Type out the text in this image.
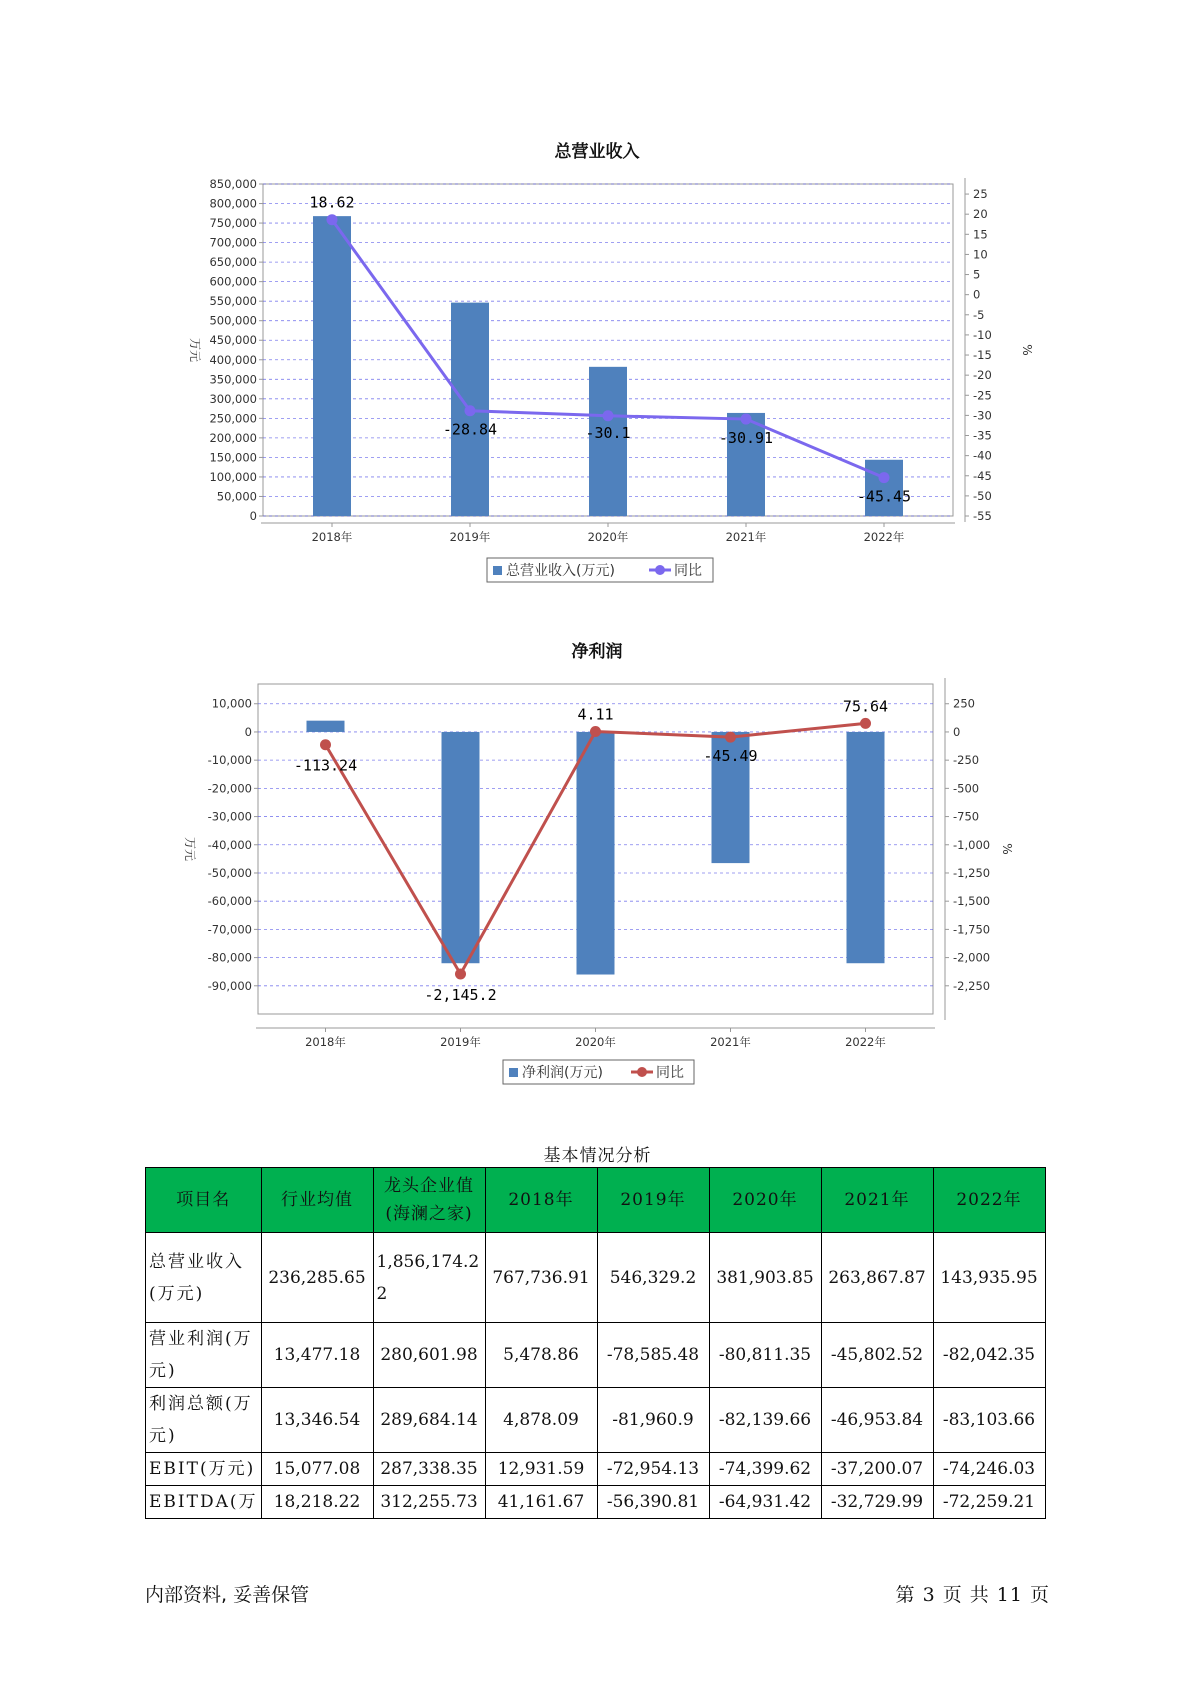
总营业收入
850,000
800,000
750,000
700,000
650,000
600,000
550,000
500,000
450,000
400,000
350,000
300,000
250,000
200,000
150,000
100,000
50,000
0
25
20
15
10
5
0
-5
-10
-15
-20
-25
-30
-35
-40
-45
-50
-55
万元	%
2018年	2019年	2020年	2021年	2022年
18.62
-28.84	-30.1	-30.91
-45.45
总营业收入(万元)	同比
净利润
10,000
0
-10,000
-20,000
-30,000
-40,000
-50,000
-60,000
-70,000
-80,000
-90,000
250
0
-250
-500
-750
-1,000
-1,250
-1,500
-1,750
-2,000
-2,250
万元	%
2018年	2019年	2020年	2021年	2022年
-113.24
-2,145.2
4.11
-45.49
75.64
净利润(万元)	同比
基本情况分析
项目名	行业均值	龙头企业值(海澜之家)	2018年	2019年	2020年	2021年	2022年
总营业收入(万元)	236,285.65	1,856,174.22	767,736.91	546,329.2	381,903.85	263,867.87	143,935.95
营业利润(万元)	13,477.18	280,601.98	5,478.86	-78,585.48	-80,811.35	-45,802.52	-82,042.35
利润总额(万元)	13,346.54	289,684.14	4,878.09	-81,960.9	-82,139.66	-46,953.84	-83,103.66
EBIT(万元)	15,077.08	287,338.35	12,931.59	-72,954.13	-74,399.62	-37,200.07	-74,246.03
EBITDA(万	18,218.22	312,255.73	41,161.67	-56,390.81	-64,931.42	-32,729.99	-72,259.21
内部资料, 妥善保管	第 3 页 共 11 页
